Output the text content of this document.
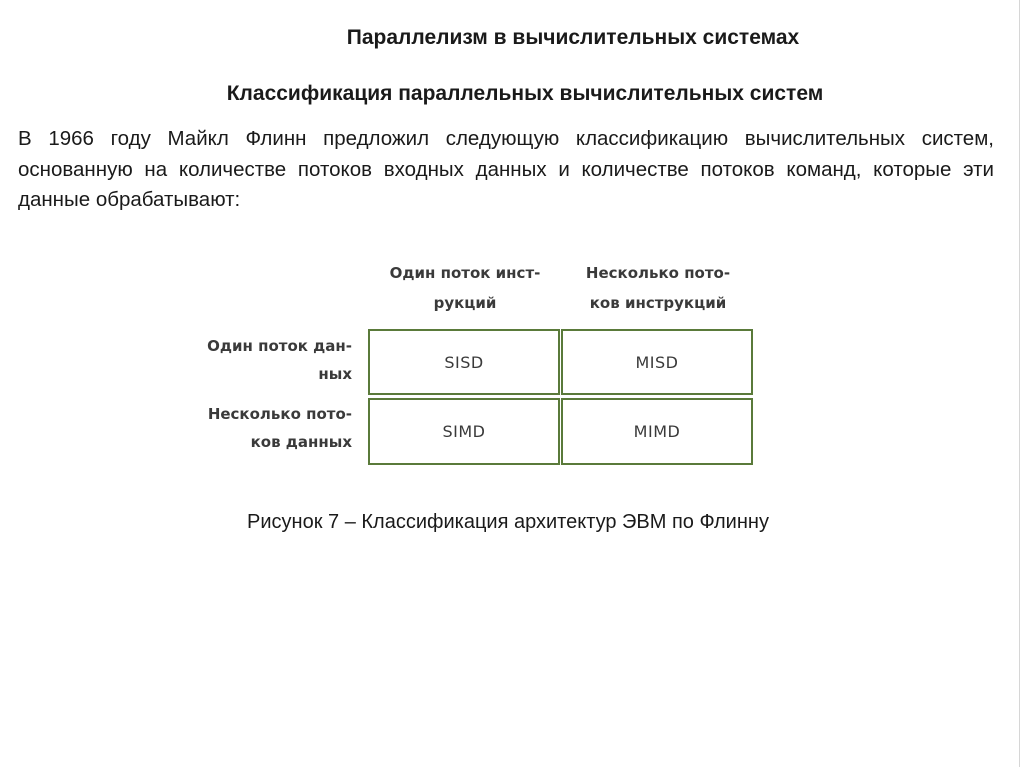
Параллелизм в вычислительных системах
Классификация параллельных вычислительных систем

В 1966 году Майкл Флинн предложил следующую классификацию вычислительных систем, основанную на количестве потоков входных данных и количестве потоков команд, которые эти данные обрабатывают:

Один поток инст-
рукций
Несколько пото-
ков инструкций
Один поток дан-
ных
Несколько пото-
ков данных
SISD	MISD
SIMD	MIMD

Рисунок 7 – Классификация архитектур ЭВМ по Флинну
